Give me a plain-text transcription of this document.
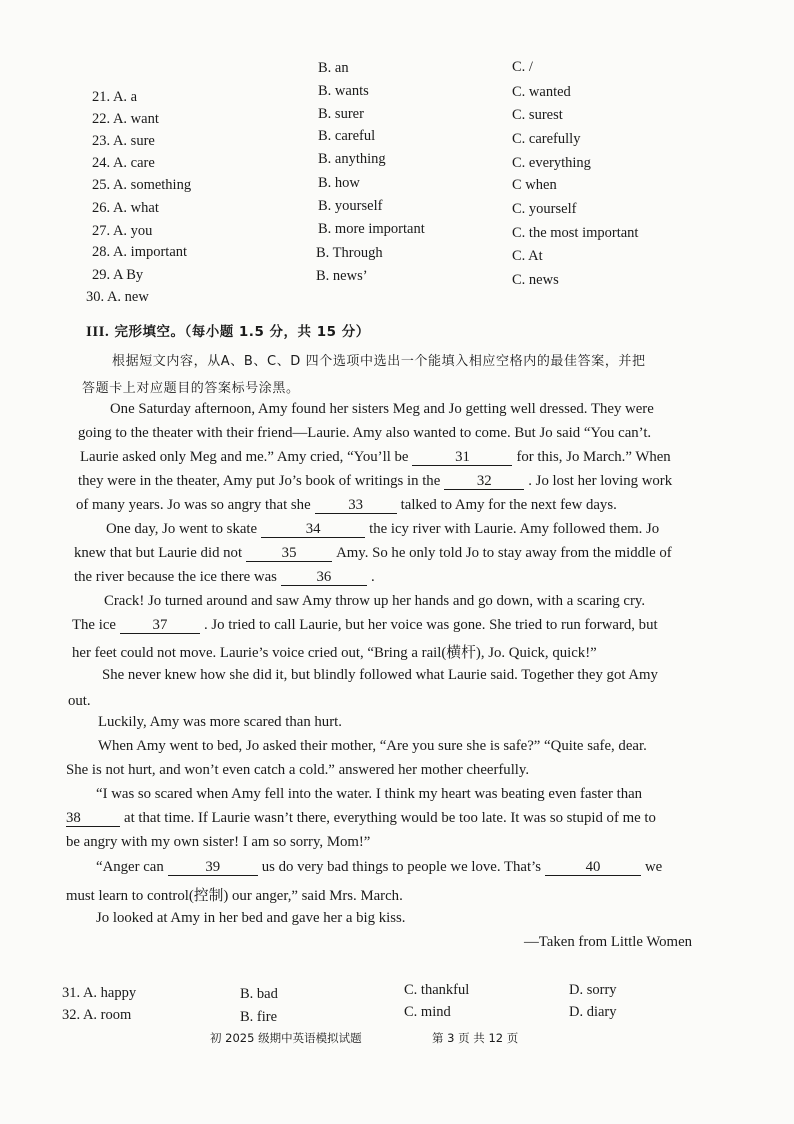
B. an	C. /
21. A. a	B. wants	C. wanted
22. A. want	B. surer	C. surest
23. A. sure	B. careful	C. carefully
24. A. care	B. anything	C. everything
25. A. something	B. how	C when
26. A. what	B. yourself	C. yourself
27. A. you	B. more important	C. the most important
28. A. important	B. Through	C. At
29. A By	B. news’	C. news
30. A. new
III. 完形填空。（每小题 1.5 分，共 15 分）
根据短文内容，从A、B、C、D 四个选项中选出一个能填入相应空格内的最佳答案，并把
答题卡上对应题目的答案标号涂黑。
One Saturday afternoon, Amy found her sisters Meg and Jo getting well dressed. They were
going to the theater with their friend—Laurie. Amy also wanted to come. But Jo said “You can’t.
Laurie asked only Meg and me.” Amy cried, “You’ll be	31	for this, Jo March.” When
they were in the theater, Amy put Jo’s book of writings in the 32 . Jo lost her loving work
of many years. Jo was so angry that she	33	talked to Amy for the next few days.
One day, Jo went to skate	34	the icy river with Laurie. Amy followed them. Jo
knew that but Laurie did not	35	Amy. So he only told Jo to stay away from the middle of
the river because the ice there was	36	.
Crack! Jo turned around and saw Amy throw up her hands and go down, with a scaring cry.
The ice 37 . Jo tried to call Laurie, but her voice was gone. She tried to run forward, but
her feet could not move. Laurie’s voice cried out, “Bring a rail(横杆), Jo. Quick, quick!”
She never knew how she did it, but blindly followed what Laurie said. Together they got Amy
out.
Luckily, Amy was more scared than hurt.
When Amy went to bed, Jo asked their mother, “Are you sure she is safe?” “Quite safe, dear.
She is not hurt, and won’t even catch a cold.” answered her mother cheerfully.
“I was so scared when Amy fell into the water. I think my heart was beating even faster than
38	at that time. If Laurie wasn’t there, everything would be too late. It was so stupid of me to
be angry with my own sister! I am so sorry, Mom!”
“Anger can	39	us do very bad things to people we love. That’s	40	we
must learn to control(控制) our anger,” said Mrs. March.
Jo looked at Amy in her bed and gave her a big kiss.
—Taken from Little Women
31. A. happy	B. bad	C. thankful	D. sorry
32. A. room	B. fire	C. mind	D. diary
初 2025 级期中英语模拟试题	第 3 页 共 12 页
